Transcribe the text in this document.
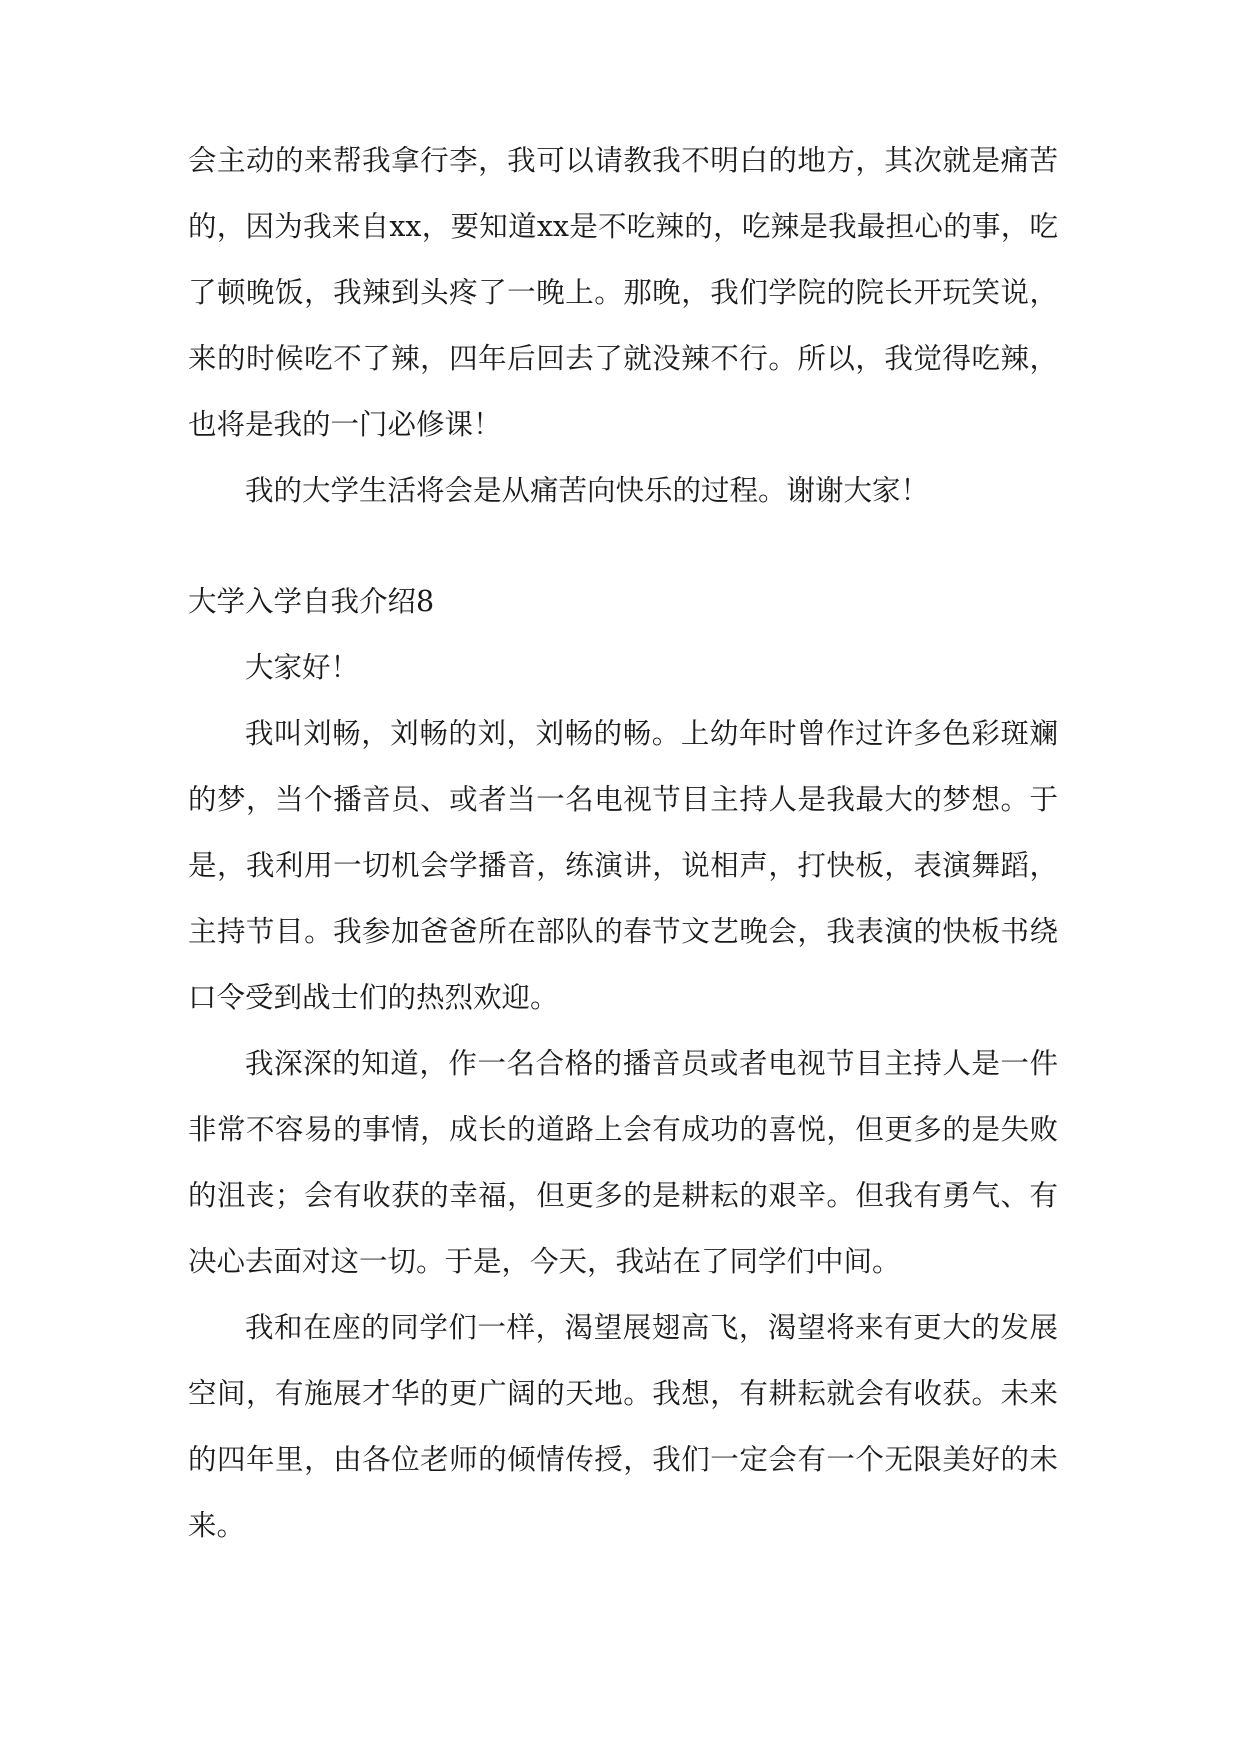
会主动的来帮我拿行李，我可以请教我不明白的地方，其次就是痛苦的，因为我来自xx，要知道xx是不吃辣的，吃辣是我最担心的事，吃了顿晚饭，我辣到头疼了一晚上。那晚，我们学院的院长开玩笑说，来的时候吃不了辣，四年后回去了就没辣不行。所以，我觉得吃辣，也将是我的一门必修课！

我的大学生活将会是从痛苦向快乐的过程。谢谢大家！

大学入学自我介绍8

大家好！

我叫刘畅，刘畅的刘，刘畅的畅。上幼年时曾作过许多色彩斑斓的梦，当个播音员、或者当一名电视节目主持人是我最大的梦想。于是，我利用一切机会学播音，练演讲，说相声，打快板，表演舞蹈，主持节目。我参加爸爸所在部队的春节文艺晚会，我表演的快板书绕口令受到战士们的热烈欢迎。

我深深的知道，作一名合格的播音员或者电视节目主持人是一件非常不容易的事情，成长的道路上会有成功的喜悦，但更多的是失败的沮丧；会有收获的幸福，但更多的是耕耘的艰辛。但我有勇气、有决心去面对这一切。于是，今天，我站在了同学们中间。

我和在座的同学们一样，渴望展翅高飞，渴望将来有更大的发展空间，有施展才华的更广阔的天地。我想，有耕耘就会有收获。未来的四年里，由各位老师的倾情传授，我们一定会有一个无限美好的未来。
